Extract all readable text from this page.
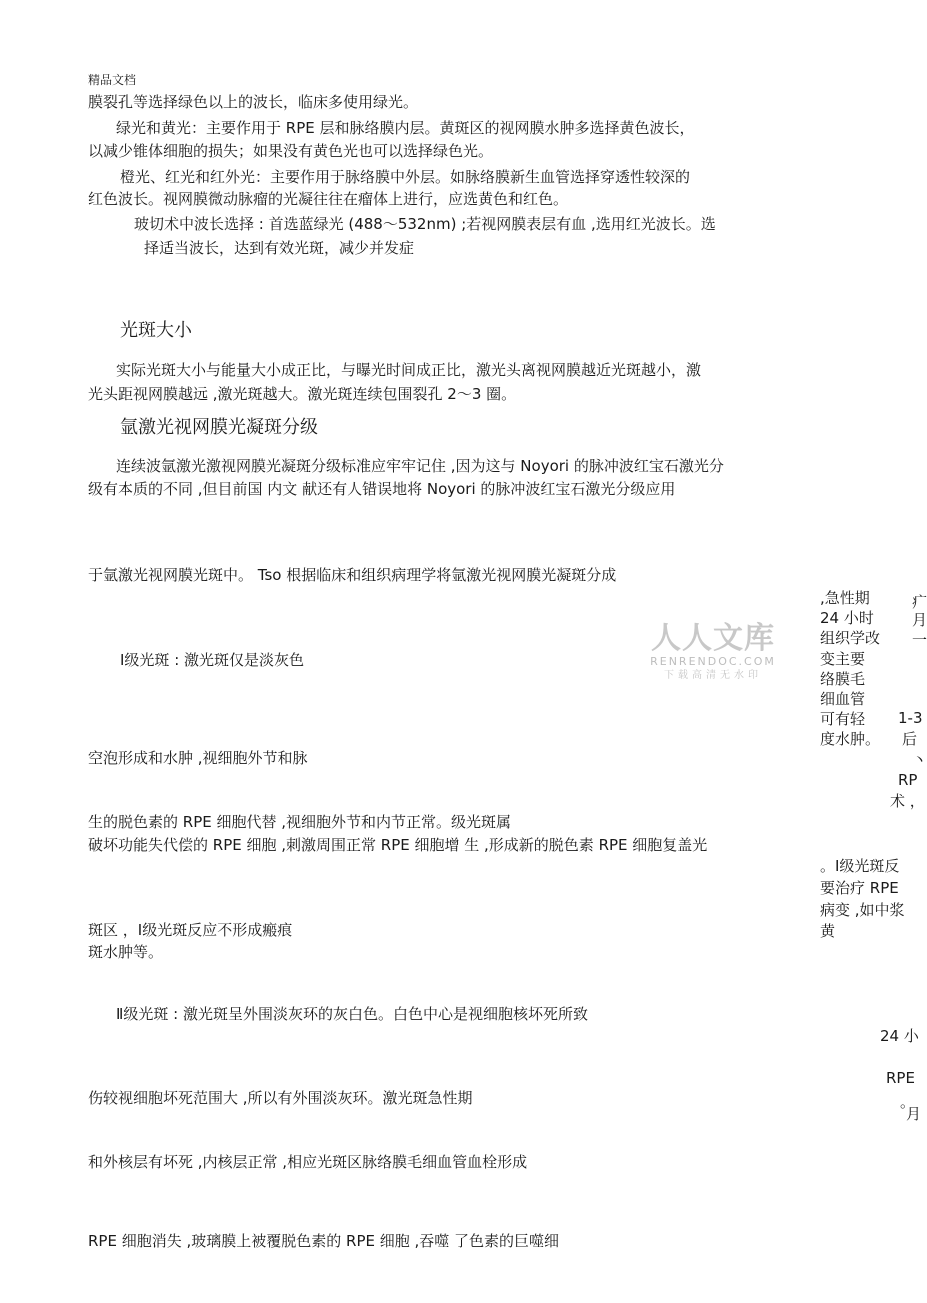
精品文档
膜裂孔等选择绿色以上的波长，临床多使用绿光。
绿光和黄光：主要作用于 RPE 层和脉络膜内层。黄斑区的视网膜水肿多选择黄色波长，
以减少锥体细胞的损失；如果没有黄色光也可以选择绿色光。
橙光、红光和红外光：主要作用于脉络膜中外层。如脉络膜新生血管选择穿透性较深的
红色波长。视网膜微动脉瘤的光凝往往在瘤体上进行，应选黄色和红色。
玻切术中波长选择 : 首选蓝绿光 (488～532nm) ;若视网膜表层有血 ,选用红光波长。选
择适当波长，达到有效光斑，减少并发症
光斑大小
实际光斑大小与能量大小成正比，与曝光时间成正比，激光头离视网膜越近光斑越小，激
光头距视网膜越远 ,激光斑越大。激光斑连续包围裂孔 2～3 圈。
氩激光视网膜光凝斑分级
连续波氩激光激视网膜光凝斑分级标准应牢牢记住 ,因为这与 Noyori 的脉冲波红宝石激光分
级有本质的不同 ,但目前国 内文 献还有人错误地将 Noyori 的脉冲波红宝石激光分级应用
于氩激光视网膜光斑中。 Tso 根据临床和组织病理学将氩激光视网膜光凝斑分成
Ⅰ级光斑 : 激光斑仅是淡灰色
空泡形成和水肿 ,视细胞外节和脉
生的脱色素的 RPE 细胞代替 ,视细胞外节和内节正常。级光斑属
破坏功能失代偿的 RPE 细胞 ,刺激周围正常 RPE 细胞增 生 ,形成新的脱色素 RPE 细胞复盖光
斑区 ，Ⅰ级光斑反应不形成瘢痕
斑水肿等。
Ⅱ级光斑 : 激光斑呈外围淡灰环的灰白色。白色中心是视细胞核坏死所致
伤较视细胞坏死范围大 ,所以有外围淡灰环。激光斑急性期
和外核层有坏死 ,内核层正常 ,相应光斑区脉络膜毛细血管血栓形成
RPE 细胞消失 ,玻璃膜上被覆脱色素的 RPE 细胞 ,吞噬 了色素的巨噬细
,急性期
24 小时
组织学改
变主要
络膜毛
细血管
可有轻
度水肿。
疒
月
一
1-3
后
丶
RP
术 ，
。Ⅰ级光斑反
要治疗 RPE
病变 ,如中浆
黄
24 小
RPE
。
月
人人文库
RENRENDOC.COM
下载高清无水印
